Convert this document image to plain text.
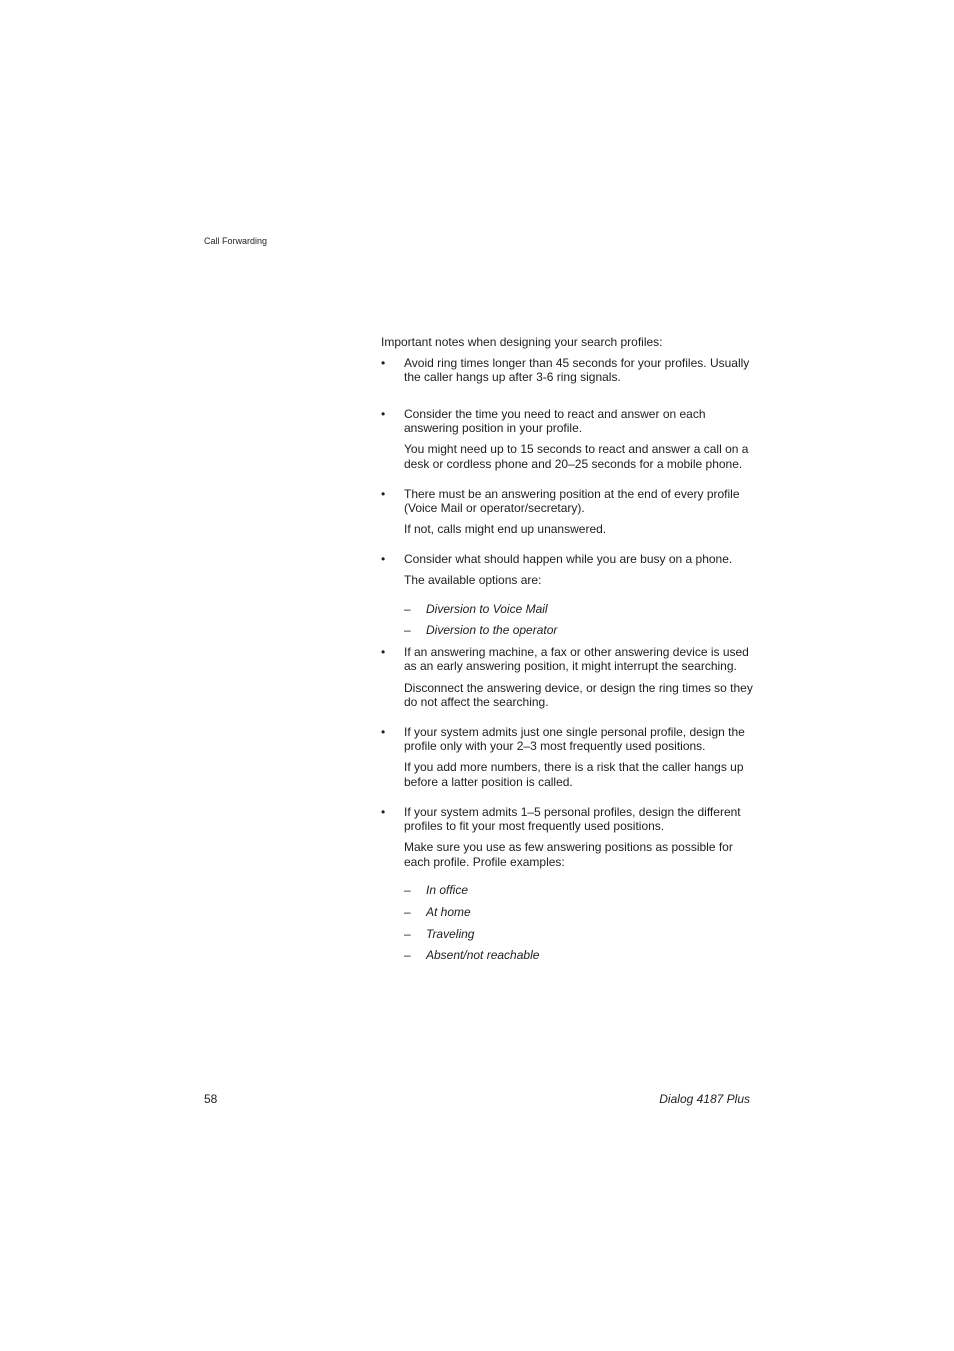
Call Forwarding

Important notes when designing your search profiles:

• Avoid ring times longer than 45 seconds for your profiles. Usually the caller hangs up after 3-6 ring signals.

• Consider the time you need to react and answer on each answering position in your profile.

You might need up to 15 seconds to react and answer a call on a desk or cordless phone and 20–25 seconds for a mobile phone.

• There must be an answering position at the end of every profile (Voice Mail or operator/secretary).

If not, calls might end up unanswered.

• Consider what should happen while you are busy on a phone.

The available options are:

– Diversion to Voice Mail
– Diversion to the operator
• If an answering machine, a fax or other answering device is used as an early answering position, it might interrupt the searching.

Disconnect the answering device, or design the ring times so they do not affect the searching.

• If your system admits just one single personal profile, design the profile only with your 2–3 most frequently used positions.

If you add more numbers, there is a risk that the caller hangs up before a latter position is called.

• If your system admits 1–5 personal profiles, design the different profiles to fit your most frequently used positions.

Make sure you use as few answering positions as possible for each profile. Profile examples:

– In office
– At home
– Traveling
– Absent/not reachable
58	Dialog 4187 Plus
